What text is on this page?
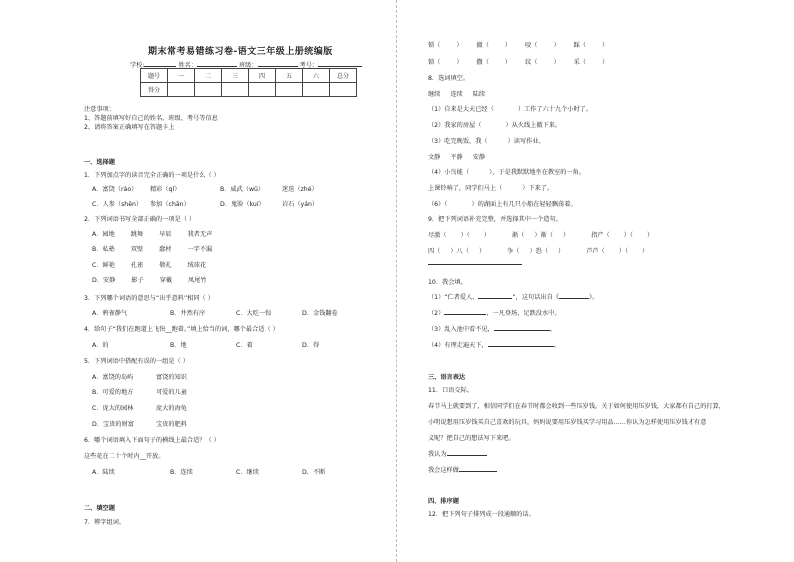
期末常考易错练习卷-语文三年级上册统编版
学校:	姓名：	班级：	考号：
题号	一	二	三	四	五	六	总分
得分							
注意事项：
1、答题前填写好自己的姓名、班级、考号等信息
2、请将答案正确填写在答题卡上
一、选择题
1．下列加点字的读音完全正确的一项是什么（ ）
A．富饶（ráo） 精彩（qí）	B．威武（wǔ）	迷迭（zhé）
C．人参（shēn） 参加（chān）	D．鬼脸（kuí）	岩石（yán）
2．下列词语书写全部正确的一项是（ ）
A．园地	跳舞	早辰	我者无声
B．私塾	双壁	蠢材	一字不漏
C．鲜艳	孔雀	敬礼	绒球花
D．安静	影子	穿戴	凤尾竹
3．下列哪个词语的意思与“出乎意料”相同（ ）
A．鸦雀静气	B．井然有序	C．大吃一惊	D．金钱翻卷
4．给句子“我们在跑道上飞快__跑着。”填上恰当的词，哪个最合适（ ）
A．的	B．地	C．着	D．得
5．下列词语中搭配有误的一组是（ ）
A．富饶的岛屿	富饶的知识
B．可爱的地方	可爱的儿童
C．庞大的园林	庞大的海龟
D．宝贵的财富	宝贵的肥料
6．哪个词语填入下面句子的横线上最合适？（ ）
这些花在二十个时内__开放。
A．陆续	B．连续	C．继续	D．不断
二、填空题
7．辨字组词。
锁（	） 撤（	） 咬（	） 踩（	）
锁（	） 撒（	） 纹（	） 采（	）
8．选词填空。
继续 连续 陆续
（1）自来是大天已经（	）工作了六十九个小时了。
（2）我家的房屋（	）从火线上撤下来。
（3）吃完晚饭，我（	）读写作业。
文静 平静 安静
（4）小鸟能（	），于是我默默地坐在教室的一角。
上课铃响了，同学们马上（	）下来了。
（6）（	）的湖面上有几只小船在轻轻飘荡着。
9．把下列词语补充完整，并选择其中一个造句。
尽澈（ ）（ ）	渐（ ）渐（ ）	指产（ ）（ ）
四（ ）八（ ）	争（ ）恐（ ）	芦芦（ ）（ ）
10．我会填。
（1）“仁者爱人，	”，这句话出自《	》。
（2）	，一凡登场，足跌没水中。
（3）乱入池中看不见，	。
（4）有理走遍天下，	。
三、语言表达
11．口语交际。
春节马上就要到了，相信同学们在春节时都会收到一些压岁钱。关于如何使用压岁钱，大家都有自己的打算，
小明说想用压岁钱买自己喜欢的玩具，妈妈说要用压岁钱买学习用品……你认为怎样使用压岁钱才有意
义呢？把自己的想法写下来吧。
我认为
我会这样做
四、排序题
12．把下列句子排列成一段通顺的话。
